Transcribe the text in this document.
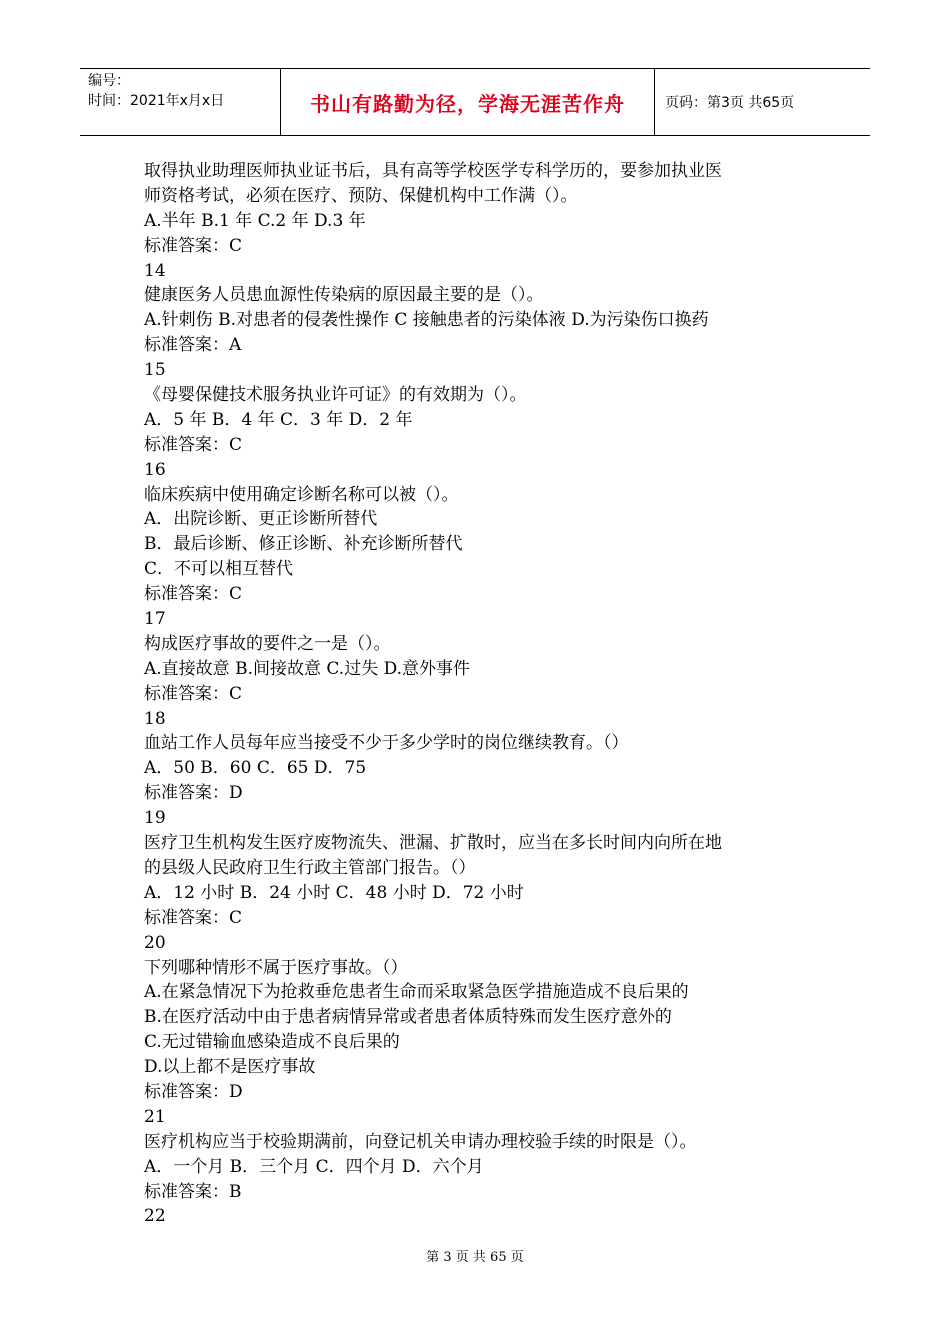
编号：
时间：2021年x月x日	书山有路勤为径，学海无涯苦作舟	页码：第3页 共65页
取得执业助理医师执业证书后，具有高等学校医学专科学历的，要参加执业医
师资格考试，必须在医疗、预防、保健机构中工作满（）。
A.半年 B.1 年 C.2 年 D.3 年
标准答案：C
14
健康医务人员患血源性传染病的原因最主要的是（）。
A.针刺伤 B.对患者的侵袭性操作 C 接触患者的污染体液 D.为污染伤口换药
标准答案：A
15
《母婴保健技术服务执业许可证》的有效期为（）。
A．5 年 B．4 年 C．3 年 D．2 年
标准答案：C
16
临床疾病中使用确定诊断名称可以被（）。
A．出院诊断、更正诊断所替代
B．最后诊断、修正诊断、补充诊断所替代
C．不可以相互替代
标准答案：C
17
构成医疗事故的要件之一是（）。
A.直接故意 B.间接故意 C.过失 D.意外事件
标准答案：C
18
血站工作人员每年应当接受不少于多少学时的岗位继续教育。（）
A．50 B．60 C．65 D．75
标准答案：D
19
医疗卫生机构发生医疗废物流失、泄漏、扩散时，应当在多长时间内向所在地
的县级人民政府卫生行政主管部门报告。（）
A．12 小时 B．24 小时 C．48 小时 D．72 小时
标准答案：C
20
下列哪种情形不属于医疗事故。（）
A.在紧急情况下为抢救垂危患者生命而采取紧急医学措施造成不良后果的
B.在医疗活动中由于患者病情异常或者患者体质特殊而发生医疗意外的
C.无过错输血感染造成不良后果的
D.以上都不是医疗事故
标准答案：D
21
医疗机构应当于校验期满前，向登记机关申请办理校验手续的时限是（）。
A．一个月 B．三个月 C．四个月 D．六个月
标准答案：B
22
第 3 页 共 65 页
